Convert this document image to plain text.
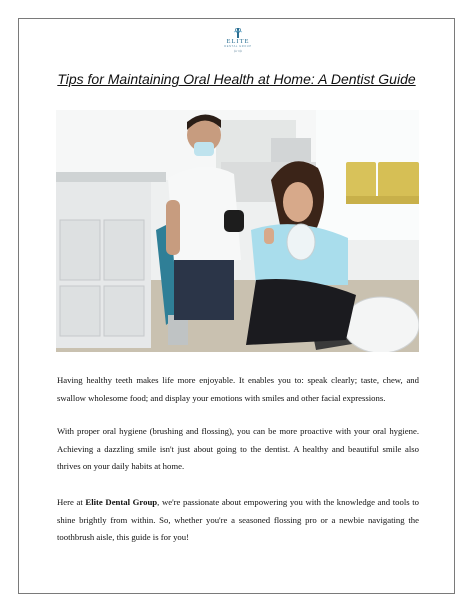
ELITE
DENTAL GROUP
for life
Tips for Maintaining Oral Health at Home: A Dentist Guide

Having healthy teeth makes life more enjoyable. It enables you to: speak clearly; taste, chew, and swallow wholesome food; and display your emotions with smiles and other facial expressions.

With proper oral hygiene (brushing and flossing), you can be more proactive with your oral hygiene. Achieving a dazzling smile isn't just about going to the dentist. A healthy and beautiful smile also thrives on your daily habits at home.

Here at Elite Dental Group, we're passionate about empowering you with the knowledge and tools to shine brightly from within. So, whether you're a seasoned flossing pro or a newbie navigating the toothbrush aisle, this guide is for you!
